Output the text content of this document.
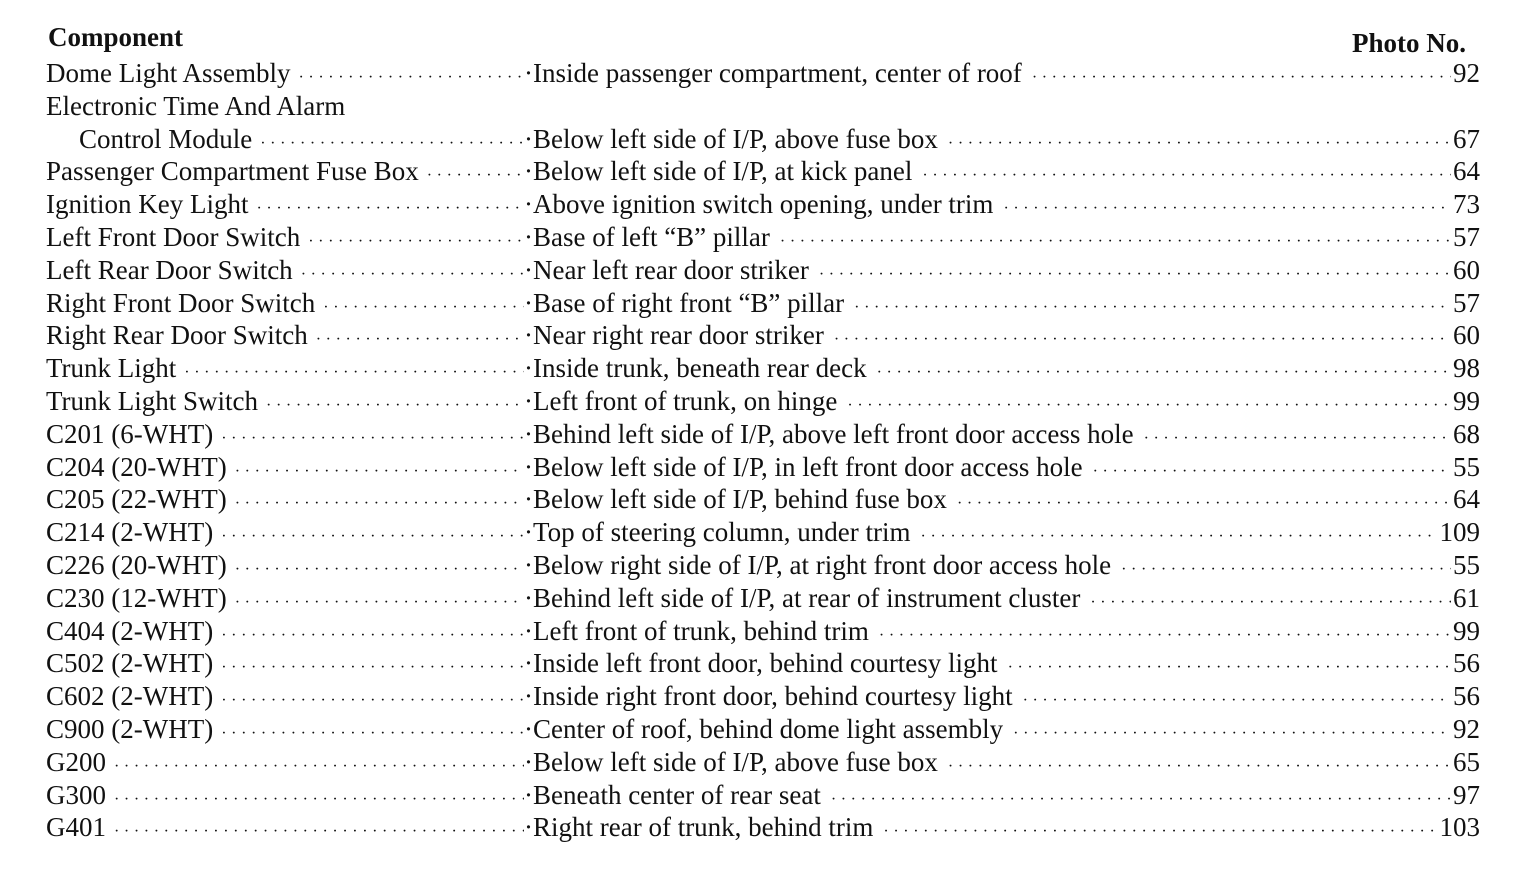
Component	Photo No.
Dome Light Assembly ·····	·Inside passenger compartment, center of roof ·····	92
Electronic Time And Alarm
Control Module ·····	·Below left side of I/P, above fuse box ·····	67
Passenger Compartment Fuse Box ·····	·Below left side of I/P, at kick panel ·····	64
Ignition Key Light ·····	·Above ignition switch opening, under trim ·····	73
Left Front Door Switch ·····	·Base of left “B” pillar ·····	57
Left Rear Door Switch ·····	·Near left rear door striker ·····	60
Right Front Door Switch ·····	·Base of right front “B” pillar ·····	57
Right Rear Door Switch ·····	·Near right rear door striker ·····	60
Trunk Light ·····	·Inside trunk, beneath rear deck ·····	98
Trunk Light Switch ·····	·Left front of trunk, on hinge ·····	99
C201 (6-WHT) ·····	·Behind left side of I/P, above left front door access hole ·····	68
C204 (20-WHT) ·····	·Below left side of I/P, in left front door access hole ·····	55
C205 (22-WHT) ·····	·Below left side of I/P, behind fuse box ·····	64
C214 (2-WHT) ·····	·Top of steering column, under trim ·····	109
C226 (20-WHT) ·····	·Below right side of I/P, at right front door access hole ·····	55
C230 (12-WHT) ·····	·Behind left side of I/P, at rear of instrument cluster ·····	61
C404 (2-WHT) ·····	·Left front of trunk, behind trim ·····	99
C502 (2-WHT) ·····	·Inside left front door, behind courtesy light ·····	56
C602 (2-WHT) ·····	·Inside right front door, behind courtesy light ·····	56
C900 (2-WHT) ·····	·Center of roof, behind dome light assembly ·····	92
G200 ·····	·Below left side of I/P, above fuse box ·····	65
G300 ·····	·Beneath center of rear seat ·····	97
G401 ·····	·Right rear of trunk, behind trim ·····	103
